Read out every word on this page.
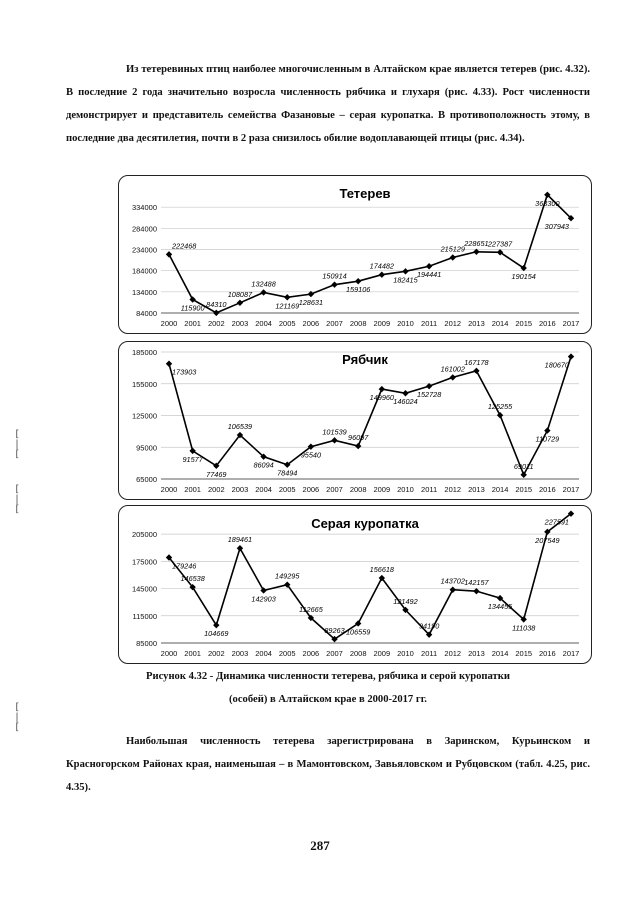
Из тетеревиных птиц наиболее многочисленным в Алтайском крае является тетерев (рис. 4.32). В последние 2 года значительно возросла численность рябчика и глухаря (рис. 4.33). Рост численности демонстрирует и представитель семейства Фазановые – серая куропатка. В противоположность этому, в последние два десятилетия, почти в 2 раза снизилось обилие водоплавающей птицы (рис. 4.34).

84000
134000
184000
234000
284000
334000
2000 2001 2002 2003 2004 2005 2006 2007 2008 2009 2010 2011 2012 2013 2014 2015 2016 2017
Тетерев
222468
115900 84310
108087
132488
121169 128631
150914
159106
174482
182415
194441
215129
228651 227387
190154
363300
307943
65000
95000
125000
155000
185000
2000 2001 2002 2003 2004 2005 2006 2007 2008 2009 2010 2011 2012 2013 2014 2015 2016 2017
Рябчик
173903
91577
77469
106539
86094
78494
95540
101539
96097
149960 146024
152728
161002
167178
125255
69011
110729
180670
85000
115000
145000
175000
205000
2000 2001 2002 2003 2004 2005 2006 2007 2008 2009 2010 2011 2012 2013 2014 2015 2016 2017
Серая куропатка
179246
146538
104669
189461
142903
149295
112665
89263 106559
156618
121492
94190
143702 142157
134455
111038
207549
227591
Рисунок 4.32 - Динамика численности тетерева, рябчика и серой куропатки
(особей) в Алтайском крае в 2000-2017 гг.

Наибольшая численность тетерева зарегистрирована в Заринском, Курьинском и Красногорском Районах края, наименьшая – в Мамонтовском, Завьяловском и Рубцовском (табл. 4.25, рис. 4.35).

287
[
|
[
[
|
[
[
|
[
